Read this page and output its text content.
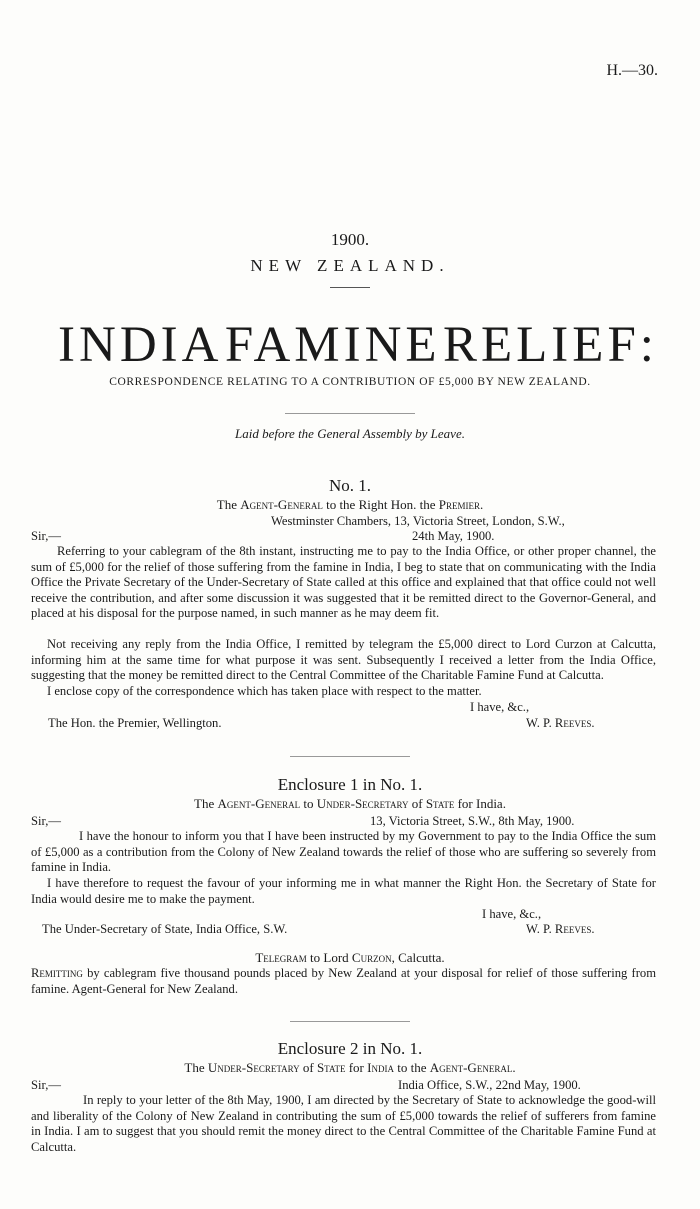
H.—30.
1900.
NEW ZEALAND.
INDIA FAMINE RELIEF:
CORRESPONDENCE RELATING TO A CONTRIBUTION OF £5,000 BY NEW ZEALAND.
Laid before the General Assembly by Leave.
No. 1.
The Agent-General to the Right Hon. the Premier.
Westminster Chambers, 13, Victoria Street, London, S.W.,
Sir,—	24th May, 1900.

Referring to your cablegram of the 8th instant, instructing me to pay to the India Office, or other proper channel, the sum of £5,000 for the relief of those suffering from the famine in India, I beg to state that on communicating with the India Office the Private Secretary of the Under-Secretary of State called at this office and explained that that office could not well receive the contribution, and after some discussion it was suggested that it be remitted direct to the Governor-General, and placed at his disposal for the purpose named, in such manner as he may deem fit.

Not receiving any reply from the India Office, I remitted by telegram the £5,000 direct to Lord Curzon at Calcutta, informing him at the same time for what purpose it was sent. Subsequently I received a letter from the India Office, suggesting that the money be remitted direct to the Central Committee of the Charitable Famine Fund at Calcutta.

I enclose copy of the correspondence which has taken place with respect to the matter.

I have, &c.,
The Hon. the Premier, Wellington.	W. P. Reeves.
Enclosure 1 in No. 1.
The Agent-General to Under-Secretary of State for India.
Sir,—	13, Victoria Street, S.W., 8th May, 1900.

I have the honour to inform you that I have been instructed by my Government to pay to the India Office the sum of £5,000 as a contribution from the Colony of New Zealand towards the relief of those who are suffering so severely from famine in India.

I have therefore to request the favour of your informing me in what manner the Right Hon. the Secretary of State for India would desire me to make the payment.

I have, &c.,
The Under-Secretary of State, India Office, S.W.	W. P. Reeves.
Telegram to Lord Curzon, Calcutta.

Remitting by cablegram five thousand pounds placed by New Zealand at your disposal for relief of those suffering from famine. Agent-General for New Zealand.

Enclosure 2 in No. 1.
The Under-Secretary of State for India to the Agent-General.
Sir,—	India Office, S.W., 22nd May, 1900.

In reply to your letter of the 8th May, 1900, I am directed by the Secretary of State to acknowledge the good-will and liberality of the Colony of New Zealand in contributing the sum of £5,000 towards the relief of sufferers from famine in India. I am to suggest that you should remit the money direct to the Central Committee of the Charitable Famine Fund at Calcutta.
